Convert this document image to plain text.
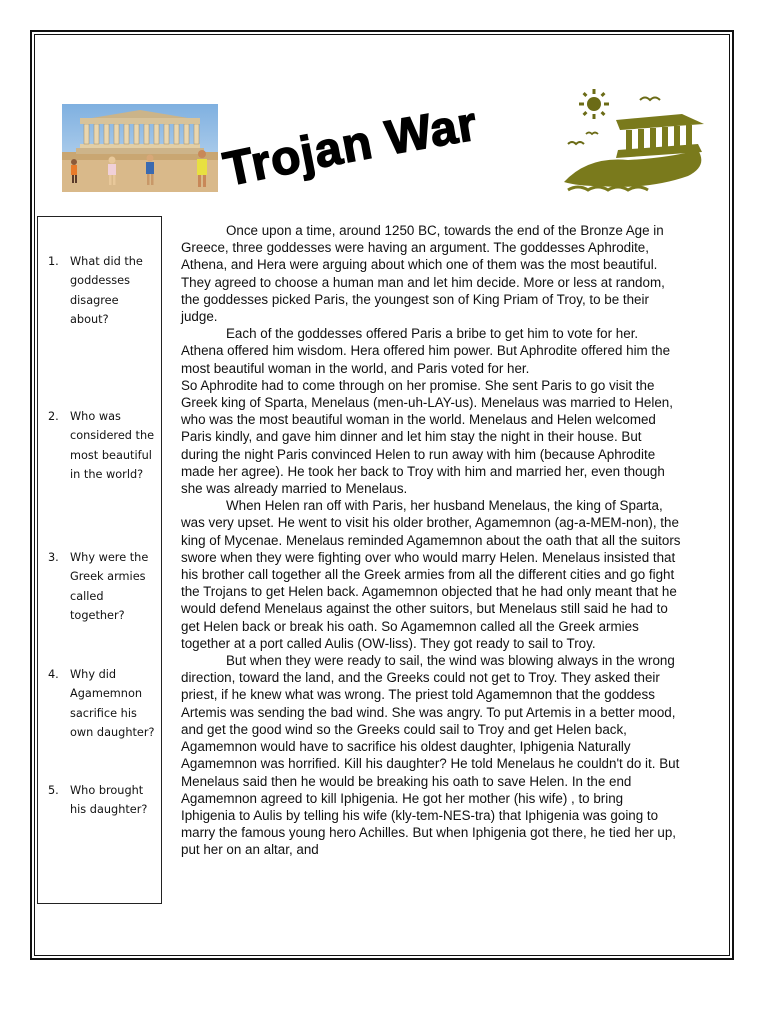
Trojan War
1. What did the goddesses disagree about?
2. Who was considered the most beautiful in the world?
3. Why were the Greek armies called together?
4. Why did Agamemnon sacrifice his own daughter?
5. Who brought his daughter?

Once upon a time, around 1250 BC, towards the end of the Bronze Age in Greece, three goddesses were having an argument. The goddesses Aphrodite, Athena, and Hera were arguing about which one of them was the most beautiful. They agreed to choose a human man and let him decide. More or less at random, the goddesses picked Paris, the youngest son of King Priam of Troy, to be their judge.

Each of the goddesses offered Paris a bribe to get him to vote for her. Athena offered him wisdom. Hera offered him power. But Aphrodite offered him the most beautiful woman in the world, and Paris voted for her.

So Aphrodite had to come through on her promise. She sent Paris to go visit the Greek king of Sparta, Menelaus (men-uh-LAY-us). Menelaus was married to Helen, who was the most beautiful woman in the world. Menelaus and Helen welcomed Paris kindly, and gave him dinner and let him stay the night in their house. But during the night Paris convinced Helen to run away with him (because Aphrodite made her agree). He took her back to Troy with him and married her, even though she was already married to Menelaus.

When Helen ran off with Paris, her husband Menelaus, the king of Sparta, was very upset. He went to visit his older brother, Agamemnon (ag-a-MEM-non), the king of Mycenae. Menelaus reminded Agamemnon about the oath that all the suitors swore when they were fighting over who would marry Helen. Menelaus insisted that his brother call together all the Greek armies from all the different cities and go fight the Trojans to get Helen back. Agamemnon objected that he had only meant that he would defend Menelaus against the other suitors, but Menelaus still said he had to get Helen back or break his oath. So Agamemnon called all the Greek armies together at a port called Aulis (OW-liss). They got ready to sail to Troy.

But when they were ready to sail, the wind was blowing always in the wrong direction, toward the land, and the Greeks could not get to Troy. They asked their priest, if he knew what was wrong. The priest told Agamemnon that the goddess Artemis was sending the bad wind. She was angry. To put Artemis in a better mood, and get the good wind so the Greeks could sail to Troy and get Helen back, Agamemnon would have to sacrifice his oldest daughter, Iphigenia Naturally Agamemnon was horrified. Kill his daughter? He told Menelaus he couldn't do it. But Menelaus said then he would be breaking his oath to save Helen. In the end Agamemnon agreed to kill Iphigenia. He got her mother (his wife) , to bring Iphigenia to Aulis by telling his wife (kly-tem-NES-tra) that Iphigenia was going to marry the famous young hero Achilles. But when Iphigenia got there, he tied her up, put her on an altar, and
